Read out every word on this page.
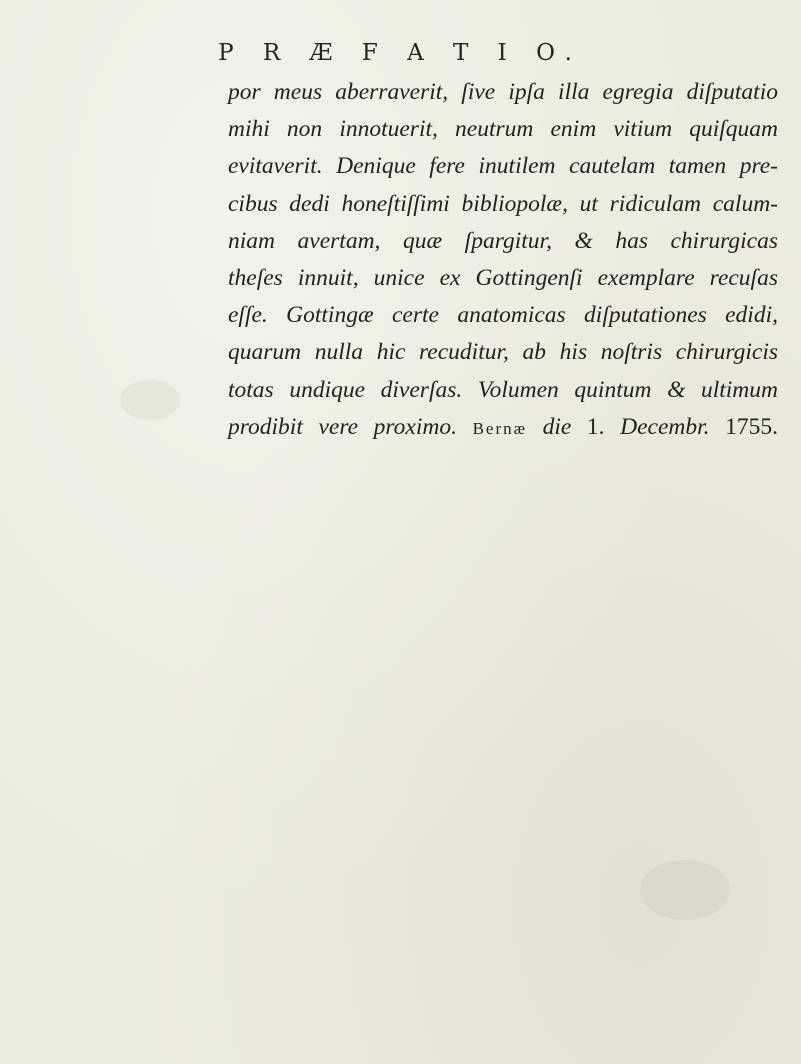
P R Æ F A T I O.
por meus aberraverit, ſive ipſa illa egregia diſputatio
mihi non innotuerit, neutrum enim vitium quiſquam
evitaverit. Denique fere inutilem cautelam tamen pre-
cibus dedi honeſtiſſimi bibliopolæ, ut ridiculam calum-
niam avertam, quæ ſpargitur, & has chirurgicas
theſes innuit, unice ex Gottingenſi exemplare recuſas
eſſe. Gottingæ certe anatomicas diſputationes edidi,
quarum nulla hic recuditur, ab his noſtris chirurgicis
totas undique diverſas. Volumen quintum & ultimum
prodibit vere proximo. Bernæ die 1. Decembr. 1755.
